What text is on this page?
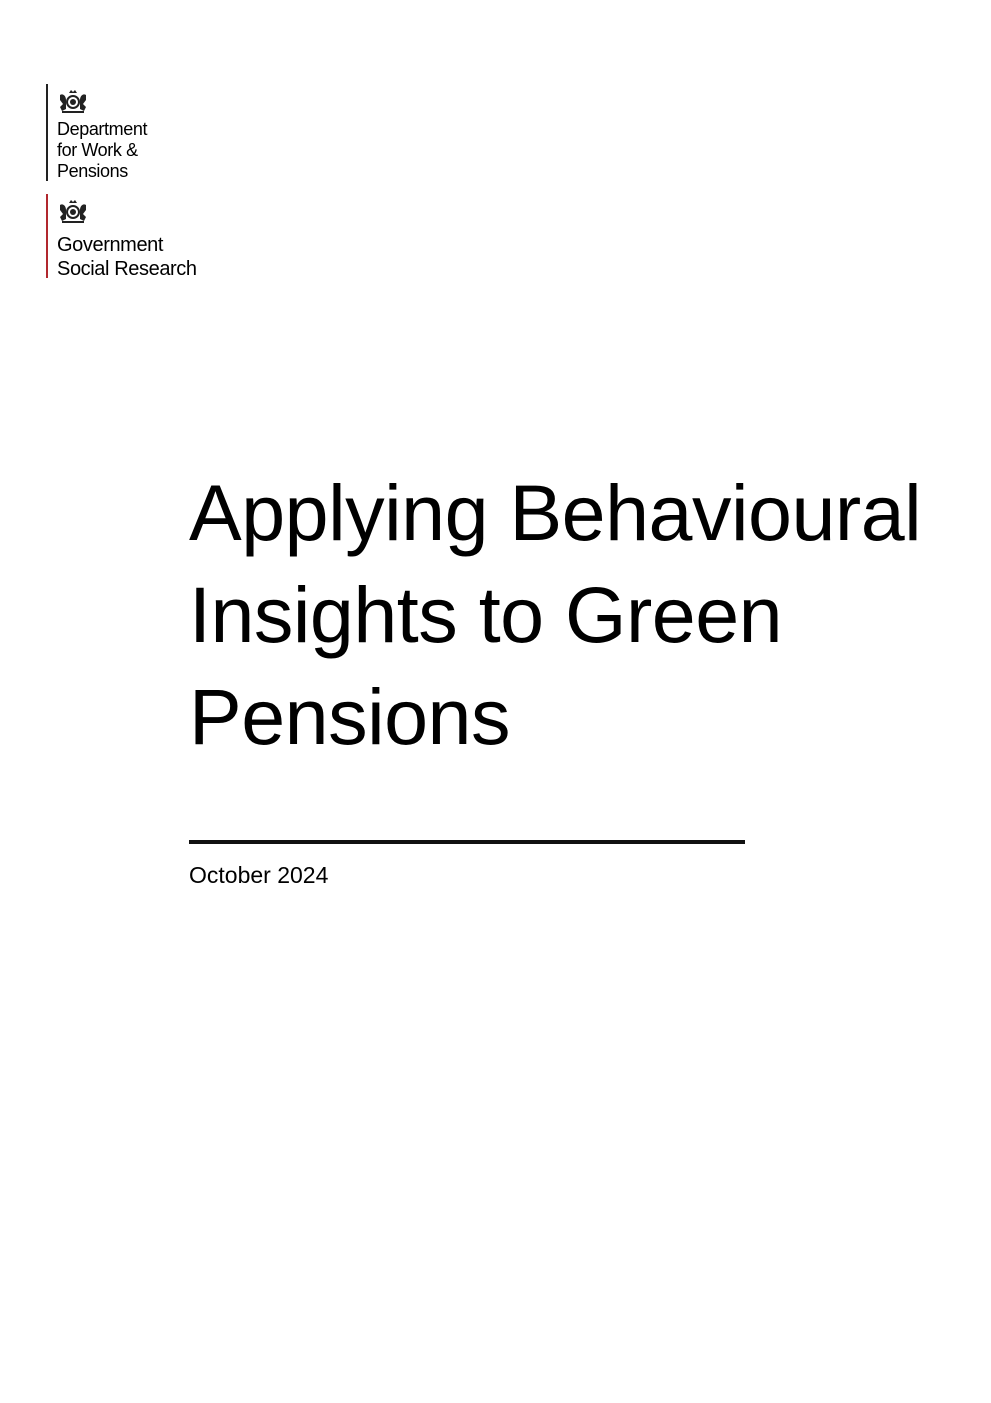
Department
for Work &
Pensions
Government
Social Research
Applying Behavioural
Insights to Green
Pensions
October 2024
